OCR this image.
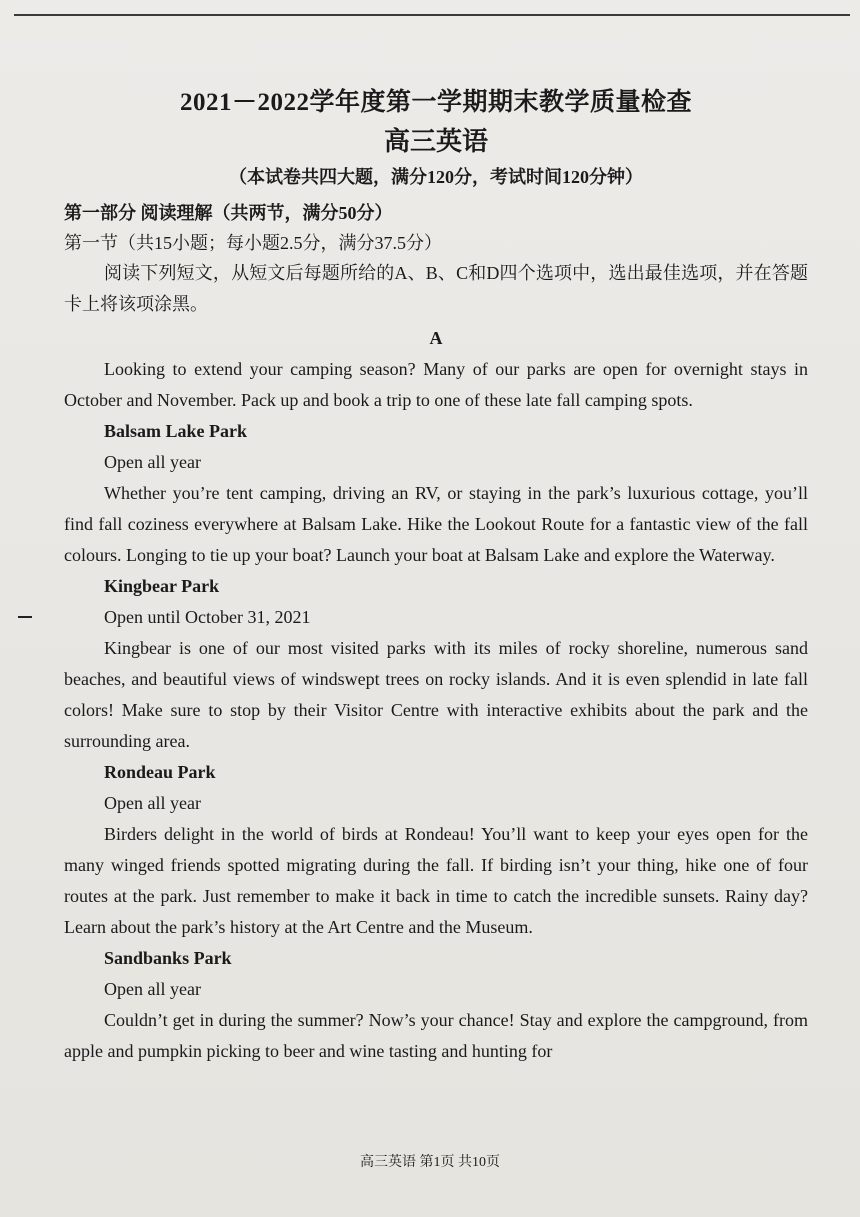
2021－2022学年度第一学期期末教学质量检查
高三英语
（本试卷共四大题，满分120分，考试时间120分钟）
第一部分 阅读理解（共两节，满分50分）
第一节（共15小题；每小题2.5分，满分37.5分）

阅读下列短文，从短文后每题所给的A、B、C和D四个选项中，选出最佳选项，并在答题卡上将该项涂黑。

A

Looking to extend your camping season? Many of our parks are open for overnight stays in October and November. Pack up and book a trip to one of these late fall camping spots.

Balsam Lake Park
Open all year

Whether you’re tent camping, driving an RV, or staying in the park’s luxurious cottage, you’ll find fall coziness everywhere at Balsam Lake. Hike the Lookout Route for a fantastic view of the fall colours. Longing to tie up your boat? Launch your boat at Balsam Lake and explore the Waterway.

Kingbear Park
Open until October 31, 2021

Kingbear is one of our most visited parks with its miles of rocky shoreline, numerous sand beaches, and beautiful views of windswept trees on rocky islands. And it is even splendid in late fall colors! Make sure to stop by their Visitor Centre with interactive exhibits about the park and the surrounding area.

Rondeau Park
Open all year

Birders delight in the world of birds at Rondeau! You’ll want to keep your eyes open for the many winged friends spotted migrating during the fall. If birding isn’t your thing, hike one of four routes at the park. Just remember to make it back in time to catch the incredible sunsets. Rainy day? Learn about the park’s history at the Art Centre and the Museum.

Sandbanks Park
Open all year

Couldn’t get in during the summer? Now’s your chance! Stay and explore the campground, from apple and pumpkin picking to beer and wine tasting and hunting for

高三英语 第1页 共10页
